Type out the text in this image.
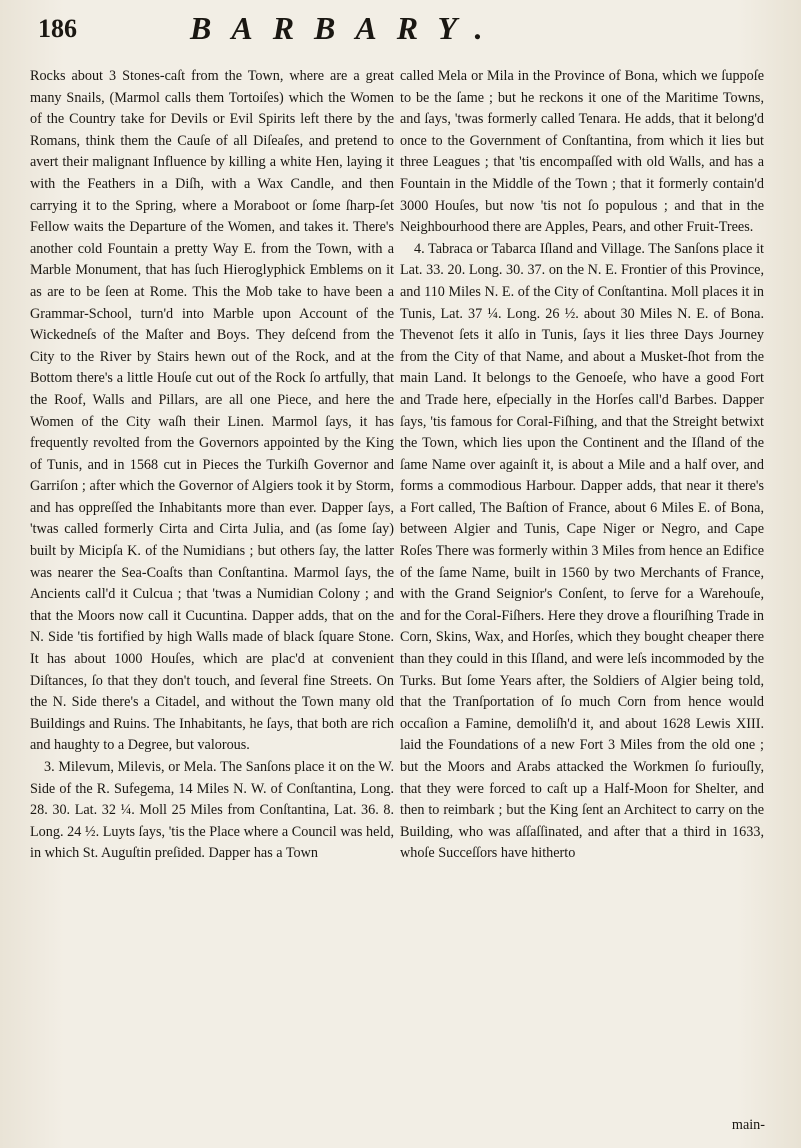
186	BARBARY.

Rocks about 3 Stones-caſt from the Town, where are a great many Snails, (Marmol calls them Tortoiſes) which the Women of the Country take for Devils or Evil Spirits left there by the Romans, think them the Cauſe of all Diſeaſes, and pretend to avert their malignant Influence by killing a white Hen, laying it with the Feathers in a Diſh, with a Wax Candle, and then carrying it to the Spring, where a Moraboot or ſome ſharp-ſet Fellow waits the Departure of the Women, and takes it. There's another cold Fountain a pretty Way E. from the Town, with a Marble Monument, that has ſuch Hieroglyphick Emblems on it as are to be ſeen at Rome. This the Mob take to have been a Grammar-School, turn'd into Marble upon Account of the Wickedneſs of the Maſter and Boys. They deſcend from the City to the River by Stairs hewn out of the Rock, and at the Bottom there's a little Houſe cut out of the Rock ſo artfully, that the Roof, Walls and Pillars, are all one Piece, and here the Women of the City waſh their Linen. Marmol ſays, it has frequently revolted from the Governors appointed by the King of Tunis, and in 1568 cut in Pieces the Turkiſh Governor and Garriſon ; after which the Governor of Algiers took it by Storm, and has oppreſſed the Inhabitants more than ever. Dapper ſays, 'twas called formerly Cirta and Cirta Julia, and (as ſome ſay) built by Micipſa K. of the Numidians ; but others ſay, the latter was nearer the Sea-Coaſts than Conſtantina. Marmol ſays, the Ancients call'd it Culcua ; that 'twas a Numidian Colony ; and that the Moors now call it Cucuntina. Dapper adds, that on the N. Side 'tis fortified by high Walls made of black ſquare Stone. It has about 1000 Houſes, which are plac'd at convenient Diſtances, ſo that they don't touch, and ſeveral fine Streets. On the N. Side there's a Citadel, and without the Town many old Buildings and Ruins. The Inhabitants, he ſays, that both are rich and haughty to a Degree, but valorous.

3. Milevum, Milevis, or Mela. The Sanſons place it on the W. Side of the R. Sufegema, 14 Miles N. W. of Conſtantina, Long. 28. 30. Lat. 32 ¼. Moll 25 Miles from Conſtantina, Lat. 36. 8. Long. 24 ½. Luyts ſays, 'tis the Place where a Council was held, in which St. Auguſtin preſided. Dapper has a Town

called Mela or Mila in the Province of Bona, which we ſuppoſe to be the ſame ; but he reckons it one of the Maritime Towns, and ſays, 'twas formerly called Tenara. He adds, that it belong'd once to the Government of Conſtantina, from which it lies but three Leagues ; that 'tis encompaſſed with old Walls, and has a Fountain in the Middle of the Town ; that it formerly contain'd 3000 Houſes, but now 'tis not ſo populous ; and that in the Neighbourhood there are Apples, Pears, and other Fruit-Trees.

4. Tabraca or Tabarca Iſland and Village. The Sanſons place it Lat. 33. 20. Long. 30. 37. on the N. E. Frontier of this Province, and 110 Miles N. E. of the City of Conſtantina. Moll places it in Tunis, Lat. 37 ¼. Long. 26 ½. about 30 Miles N. E. of Bona. Thevenot ſets it alſo in Tunis, ſays it lies three Days Journey from the City of that Name, and about a Musket-ſhot from the main Land. It belongs to the Genoeſe, who have a good Fort and Trade here, eſpecially in the Horſes call'd Barbes. Dapper ſays, 'tis famous for Coral-Fiſhing, and that the Streight betwixt the Town, which lies upon the Continent and the Iſland of the ſame Name over againſt it, is about a Mile and a half over, and forms a commodious Harbour. Dapper adds, that near it there's a Fort called, The Baſtion of France, about 6 Miles E. of Bona, between Algier and Tunis, Cape Niger or Negro, and Cape Roſes There was formerly within 3 Miles from hence an Edifice of the ſame Name, built in 1560 by two Merchants of France, with the Grand Seignior's Conſent, to ſerve for a Warehouſe, and for the Coral-Fiſhers. Here they drove a flouriſhing Trade in Corn, Skins, Wax, and Horſes, which they bought cheaper there than they could in this Iſland, and were leſs incommoded by the Turks. But ſome Years after, the Soldiers of Algier being told, that the Tranſportation of ſo much Corn from hence would occaſion a Famine, demoliſh'd it, and about 1628 Lewis XIII. laid the Foundations of a new Fort 3 Miles from the old one ; but the Moors and Arabs attacked the Workmen ſo furiouſly, that they were forced to caſt up a Half-Moon for Shelter, and then to reimbark ; but the King ſent an Architect to carry on the Building, who was aſſaſſinated, and after that a third in 1633, whoſe Succeſſors have hitherto

main-
